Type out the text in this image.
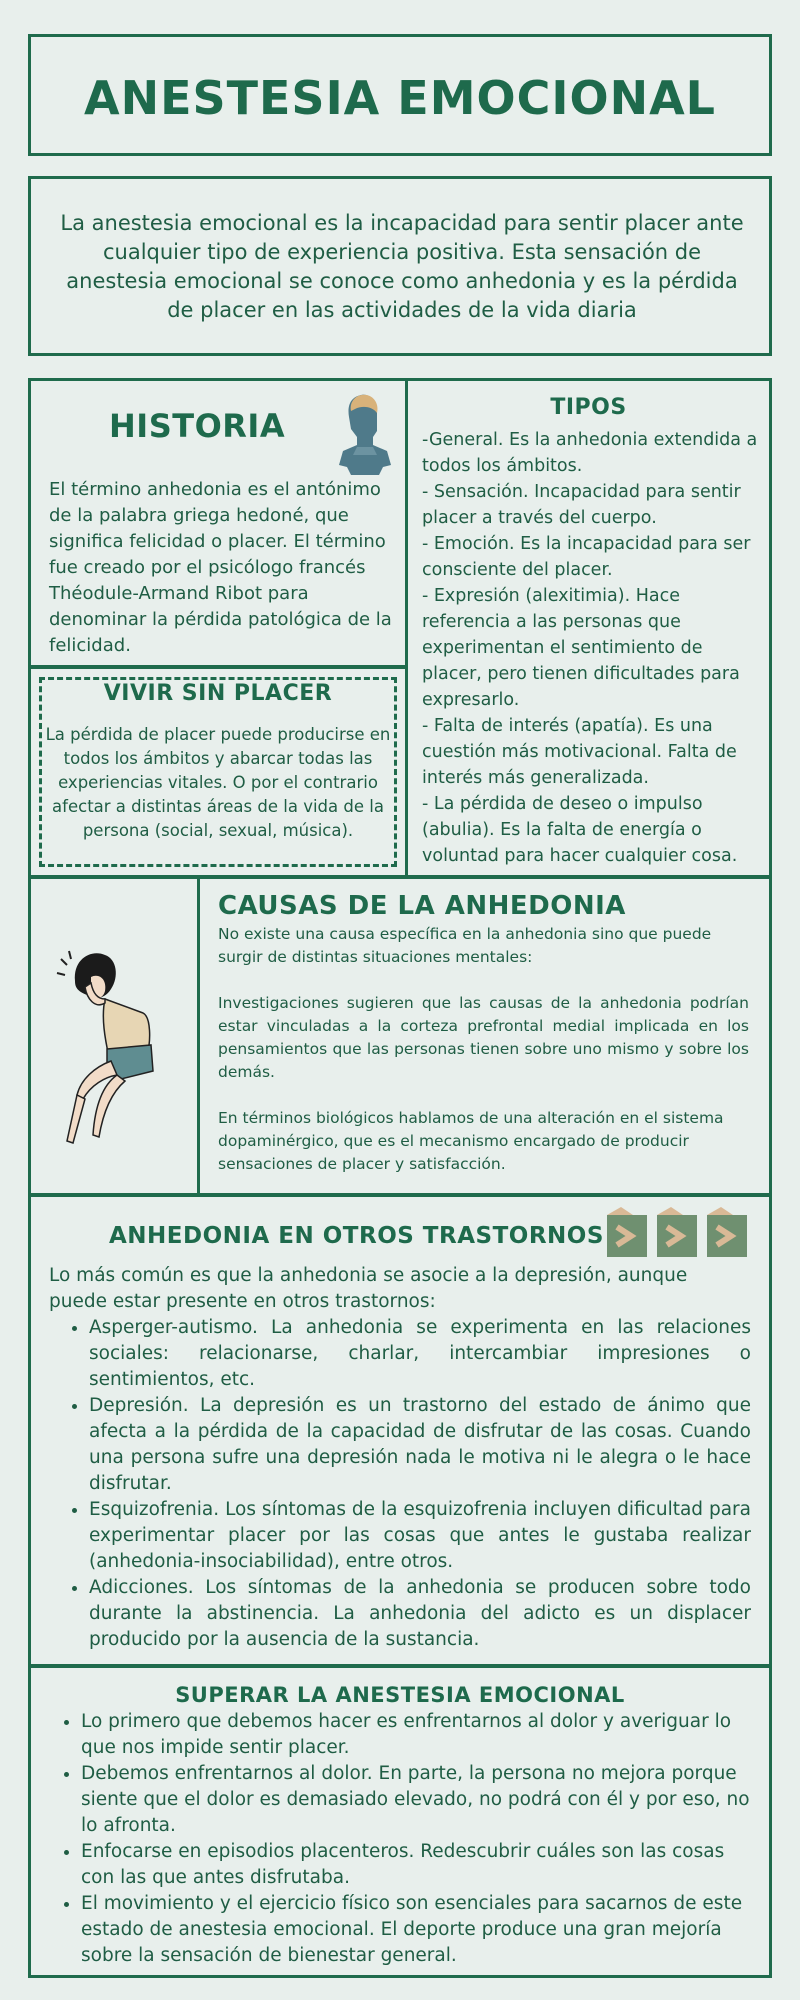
ANESTESIA EMOCIONAL

La anestesia emocional es la incapacidad para sentir placer ante cualquier tipo de experiencia positiva. Esta sensación de anestesia emocional se conoce como anhedonia y es la pérdida de placer en las actividades de la vida diaria

HISTORIA

El término anhedonia es el antónimo de la palabra griega hedoné, que significa felicidad o placer. El término fue creado por el psicólogo francés Théodule-Armand Ribot para denominar la pérdida patológica de la felicidad.

VIVIR SIN PLACER

La pérdida de placer puede producirse en todos los ámbitos y abarcar todas las experiencias vitales. O por el contrario afectar a distintas áreas de la vida de la persona (social, sexual, música).

TIPOS
-General. Es la anhedonia extendida a todos los ámbitos.
- Sensación. Incapacidad para sentir placer a través del cuerpo.
- Emoción. Es la incapacidad para ser consciente del placer.
- Expresión (alexitimia). Hace referencia a las personas que experimentan el sentimiento de placer, pero tienen dificultades para expresarlo.
- Falta de interés (apatía). Es una cuestión más motivacional. Falta de interés más generalizada.
- La pérdida de deseo o impulso (abulia). Es la falta de energía o voluntad para hacer cualquier cosa.
CAUSAS DE LA ANHEDONIA

No existe una causa específica en la anhedonia sino que puede surgir de distintas situaciones mentales:

Investigaciones sugieren que las causas de la anhedonia podrían estar vinculadas a la corteza prefrontal medial implicada en los pensamientos que las personas tienen sobre uno mismo y sobre los demás.

En términos biológicos hablamos de una alteración en el sistema dopaminérgico, que es el mecanismo encargado de producir sensaciones de placer y satisfacción.

ANHEDONIA EN OTROS TRASTORNOS

Lo más común es que la anhedonia se asocie a la depresión, aunque puede estar presente en otros trastornos:

• Asperger-autismo. La anhedonia se experimenta en las relaciones sociales: relacionarse, charlar, intercambiar impresiones o sentimientos, etc.
• Depresión. La depresión es un trastorno del estado de ánimo que afecta a la pérdida de la capacidad de disfrutar de las cosas. Cuando una persona sufre una depresión nada le motiva ni le alegra o le hace disfrutar.
• Esquizofrenia. Los síntomas de la esquizofrenia incluyen dificultad para experimentar placer por las cosas que antes le gustaba realizar (anhedonia-insociabilidad), entre otros.
• Adicciones. Los síntomas de la anhedonia se producen sobre todo durante la abstinencia. La anhedonia del adicto es un displacer producido por la ausencia de la sustancia.
SUPERAR LA ANESTESIA EMOCIONAL
• Lo primero que debemos hacer es enfrentarnos al dolor y averiguar lo que nos impide sentir placer.
• Debemos enfrentarnos al dolor. En parte, la persona no mejora porque siente que el dolor es demasiado elevado, no podrá con él y por eso, no lo afronta.
• Enfocarse en episodios placenteros. Redescubrir cuáles son las cosas con las que antes disfrutaba.
• El movimiento y el ejercicio físico son esenciales para sacarnos de este estado de anestesia emocional. El deporte produce una gran mejoría sobre la sensación de bienestar general.
